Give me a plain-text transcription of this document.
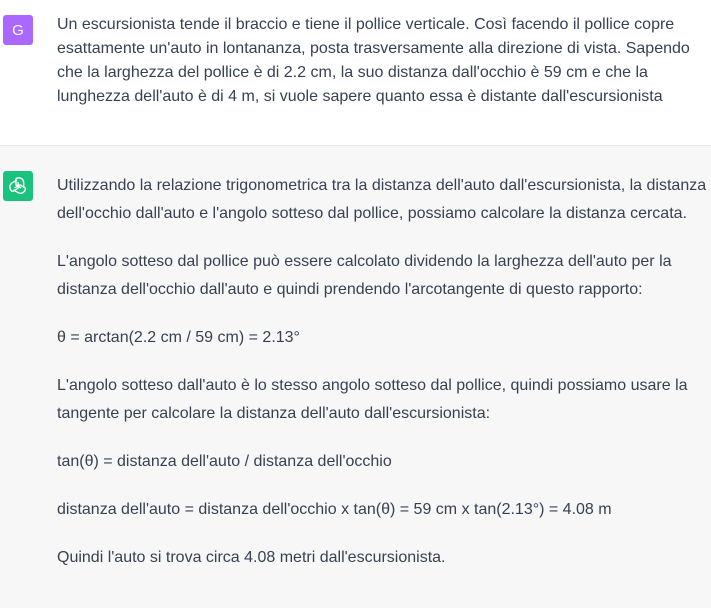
G Un escursionista tende il braccio e tiene il pollice verticale. Così facendo il pollice copre esattamente un'auto in lontananza, posta trasversamente alla direzione di vista. Sapendo che la larghezza del pollice è di 2.2 cm, la suo distanza dall'occhio è 59 cm e che la lunghezza dell'auto è di 4 m, si vuole sapere quanto essa è distante dall'escursionista

Utilizzando la relazione trigonometrica tra la distanza dell'auto dall'escursionista, la distanza dell'occhio dall'auto e l'angolo sotteso dal pollice, possiamo calcolare la distanza cercata.

L'angolo sotteso dal pollice può essere calcolato dividendo la larghezza dell'auto per la distanza dell'occhio dall'auto e quindi prendendo l'arcotangente di questo rapporto:

θ = arctan(2.2 cm / 59 cm) = 2.13°

L'angolo sotteso dall'auto è lo stesso angolo sotteso dal pollice, quindi possiamo usare la tangente per calcolare la distanza dell'auto dall'escursionista:

tan(θ) = distanza dell'auto / distanza dell'occhio

distanza dell'auto = distanza dell'occhio x tan(θ) = 59 cm x tan(2.13°) = 4.08 m

Quindi l'auto si trova circa 4.08 metri dall'escursionista.
